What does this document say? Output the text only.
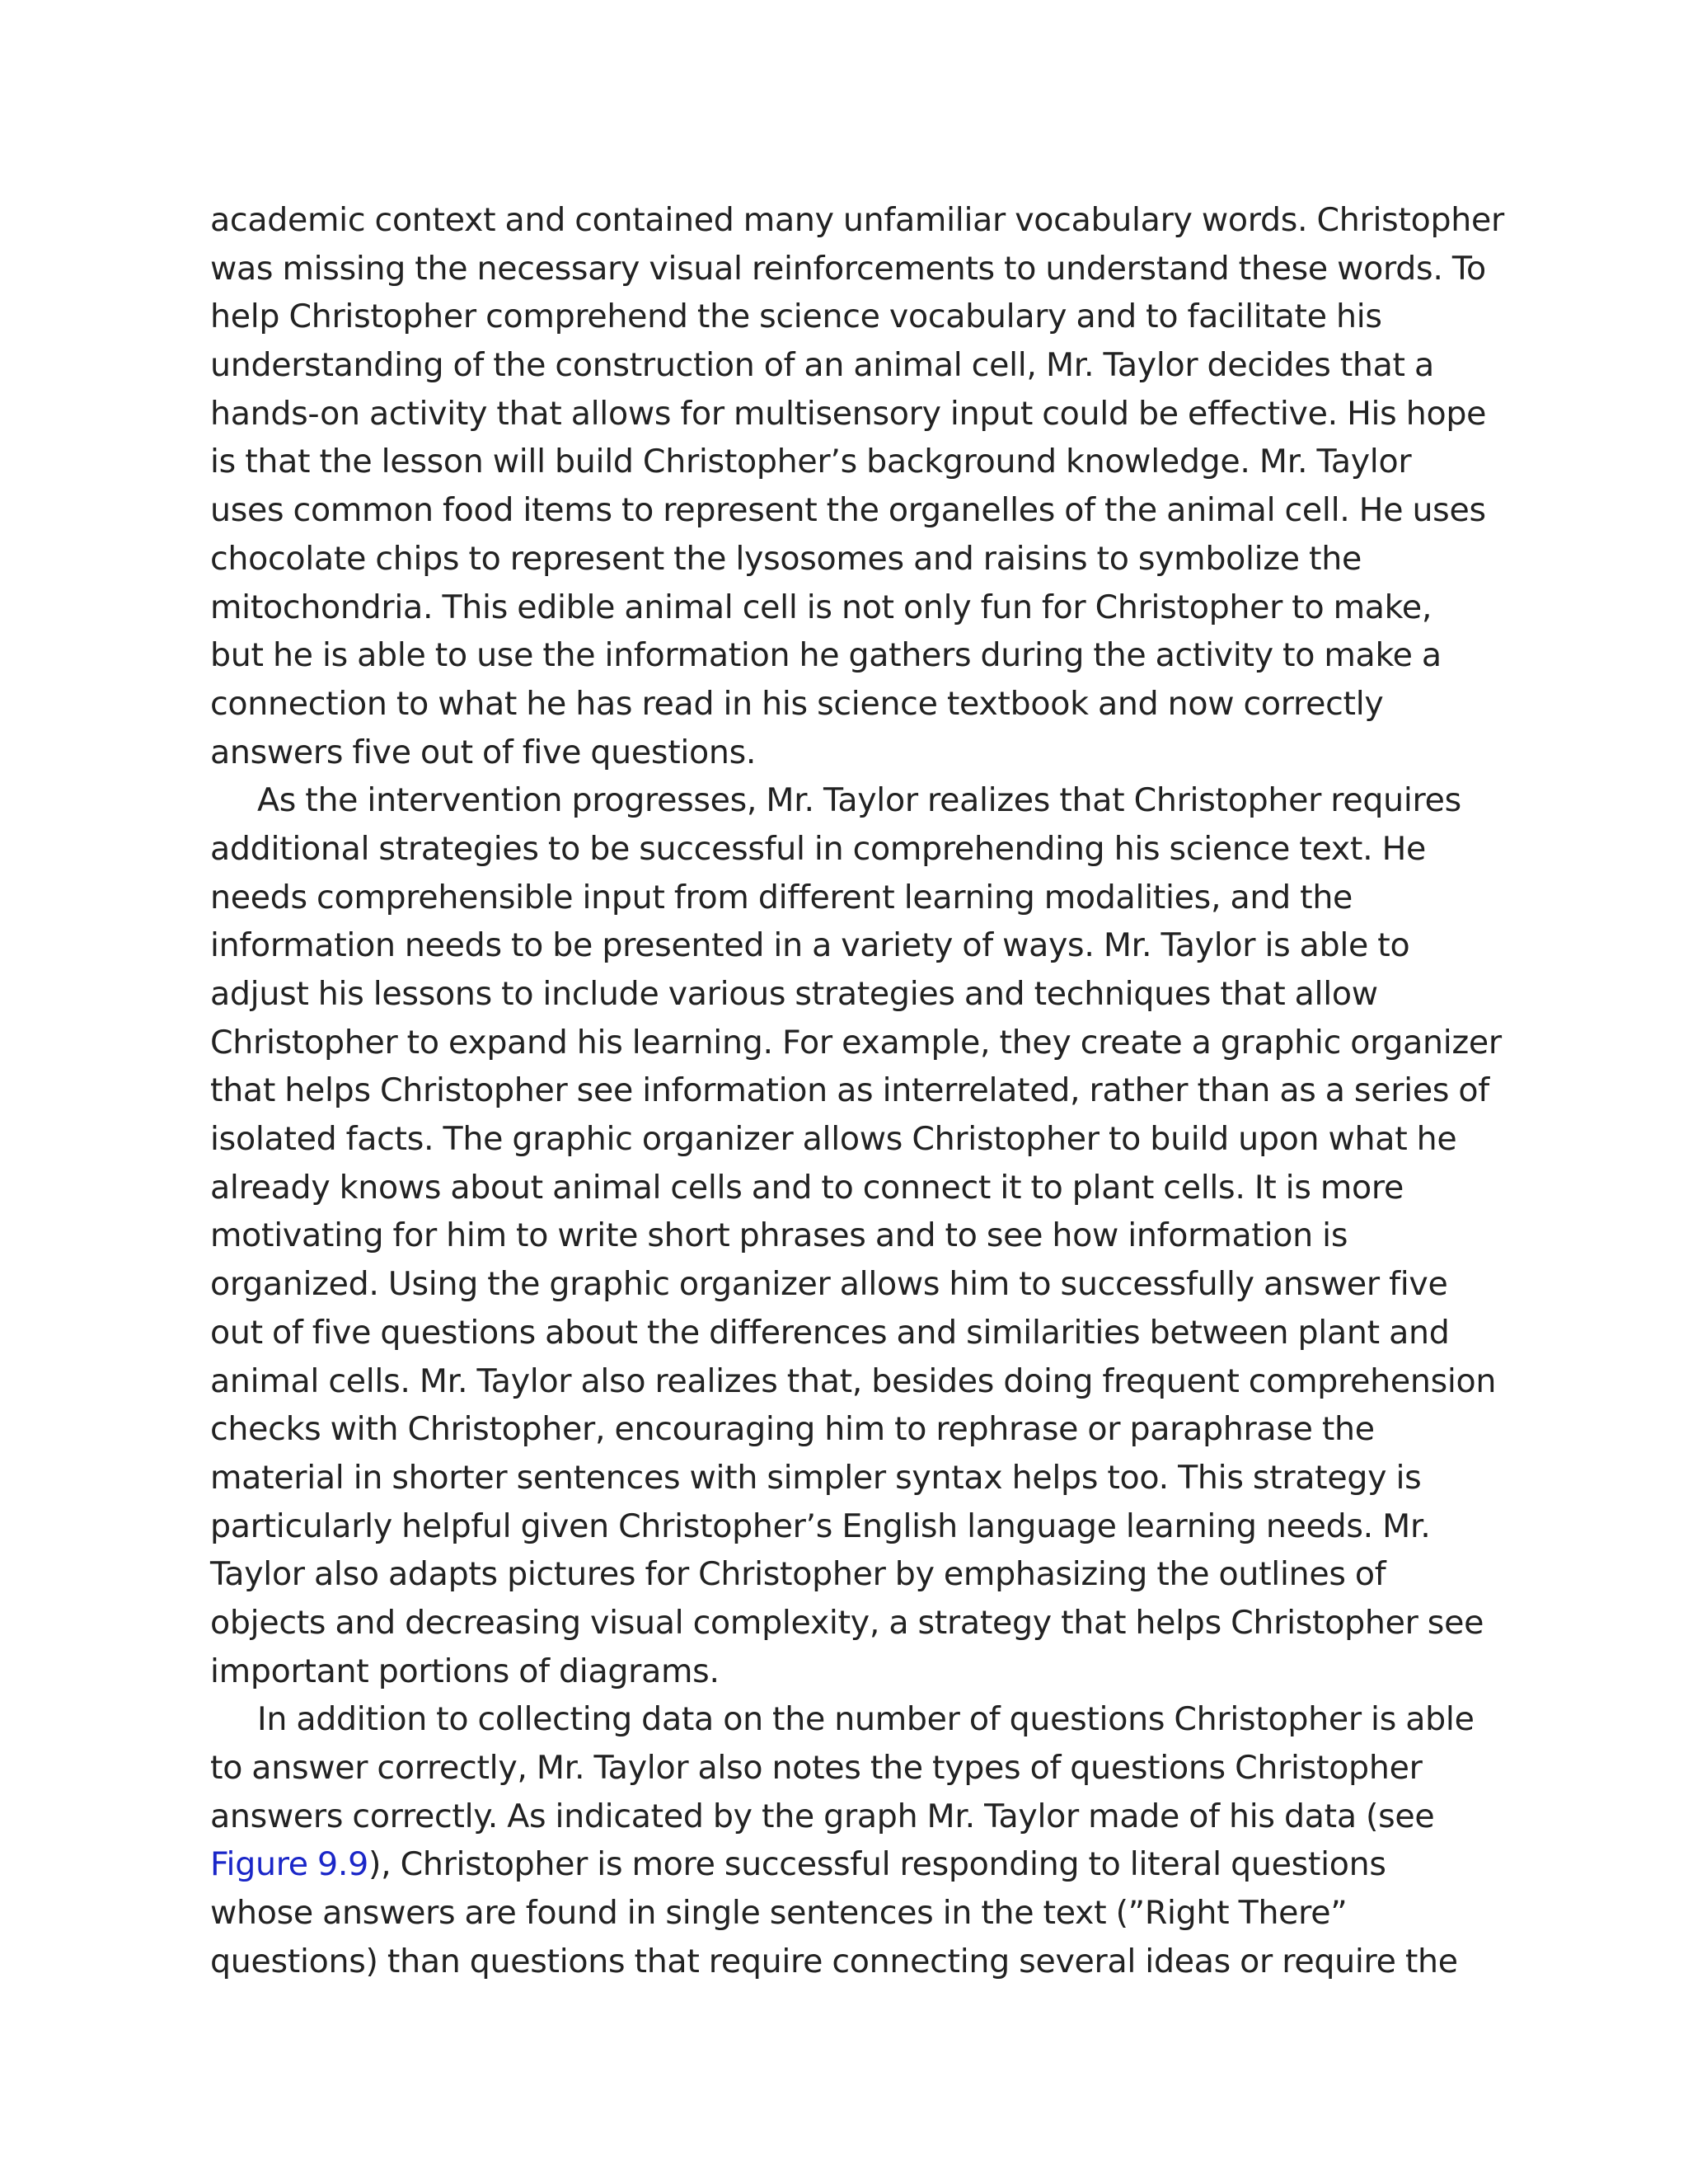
academic context and contained many unfamiliar vocabulary words. Christopher
was missing the necessary visual reinforcements to understand these words. To
help Christopher comprehend the science vocabulary and to facilitate his
understanding of the construction of an animal cell, Mr. Taylor decides that a
hands-on activity that allows for multisensory input could be effective. His hope
is that the lesson will build Christopher’s background knowledge. Mr. Taylor
uses common food items to represent the organelles of the animal cell. He uses
chocolate chips to represent the lysosomes and raisins to symbolize the
mitochondria. This edible animal cell is not only fun for Christopher to make,
but he is able to use the information he gathers during the activity to make a
connection to what he has read in his science textbook and now correctly
answers five out of five questions.
As the intervention progresses, Mr. Taylor realizes that Christopher requires
additional strategies to be successful in comprehending his science text. He
needs comprehensible input from different learning modalities, and the
information needs to be presented in a variety of ways. Mr. Taylor is able to
adjust his lessons to include various strategies and techniques that allow
Christopher to expand his learning. For example, they create a graphic organizer
that helps Christopher see information as interrelated, rather than as a series of
isolated facts. The graphic organizer allows Christopher to build upon what he
already knows about animal cells and to connect it to plant cells. It is more
motivating for him to write short phrases and to see how information is
organized. Using the graphic organizer allows him to successfully answer five
out of five questions about the differences and similarities between plant and
animal cells. Mr. Taylor also realizes that, besides doing frequent comprehension
checks with Christopher, encouraging him to rephrase or paraphrase the
material in shorter sentences with simpler syntax helps too. This strategy is
particularly helpful given Christopher’s English language learning needs. Mr.
Taylor also adapts pictures for Christopher by emphasizing the outlines of
objects and decreasing visual complexity, a strategy that helps Christopher see
important portions of diagrams.
In addition to collecting data on the number of questions Christopher is able
to answer correctly, Mr. Taylor also notes the types of questions Christopher
answers correctly. As indicated by the graph Mr. Taylor made of his data (see
Figure 9.9), Christopher is more successful responding to literal questions
whose answers are found in single sentences in the text (”Right There”
questions) than questions that require connecting several ideas or require the
